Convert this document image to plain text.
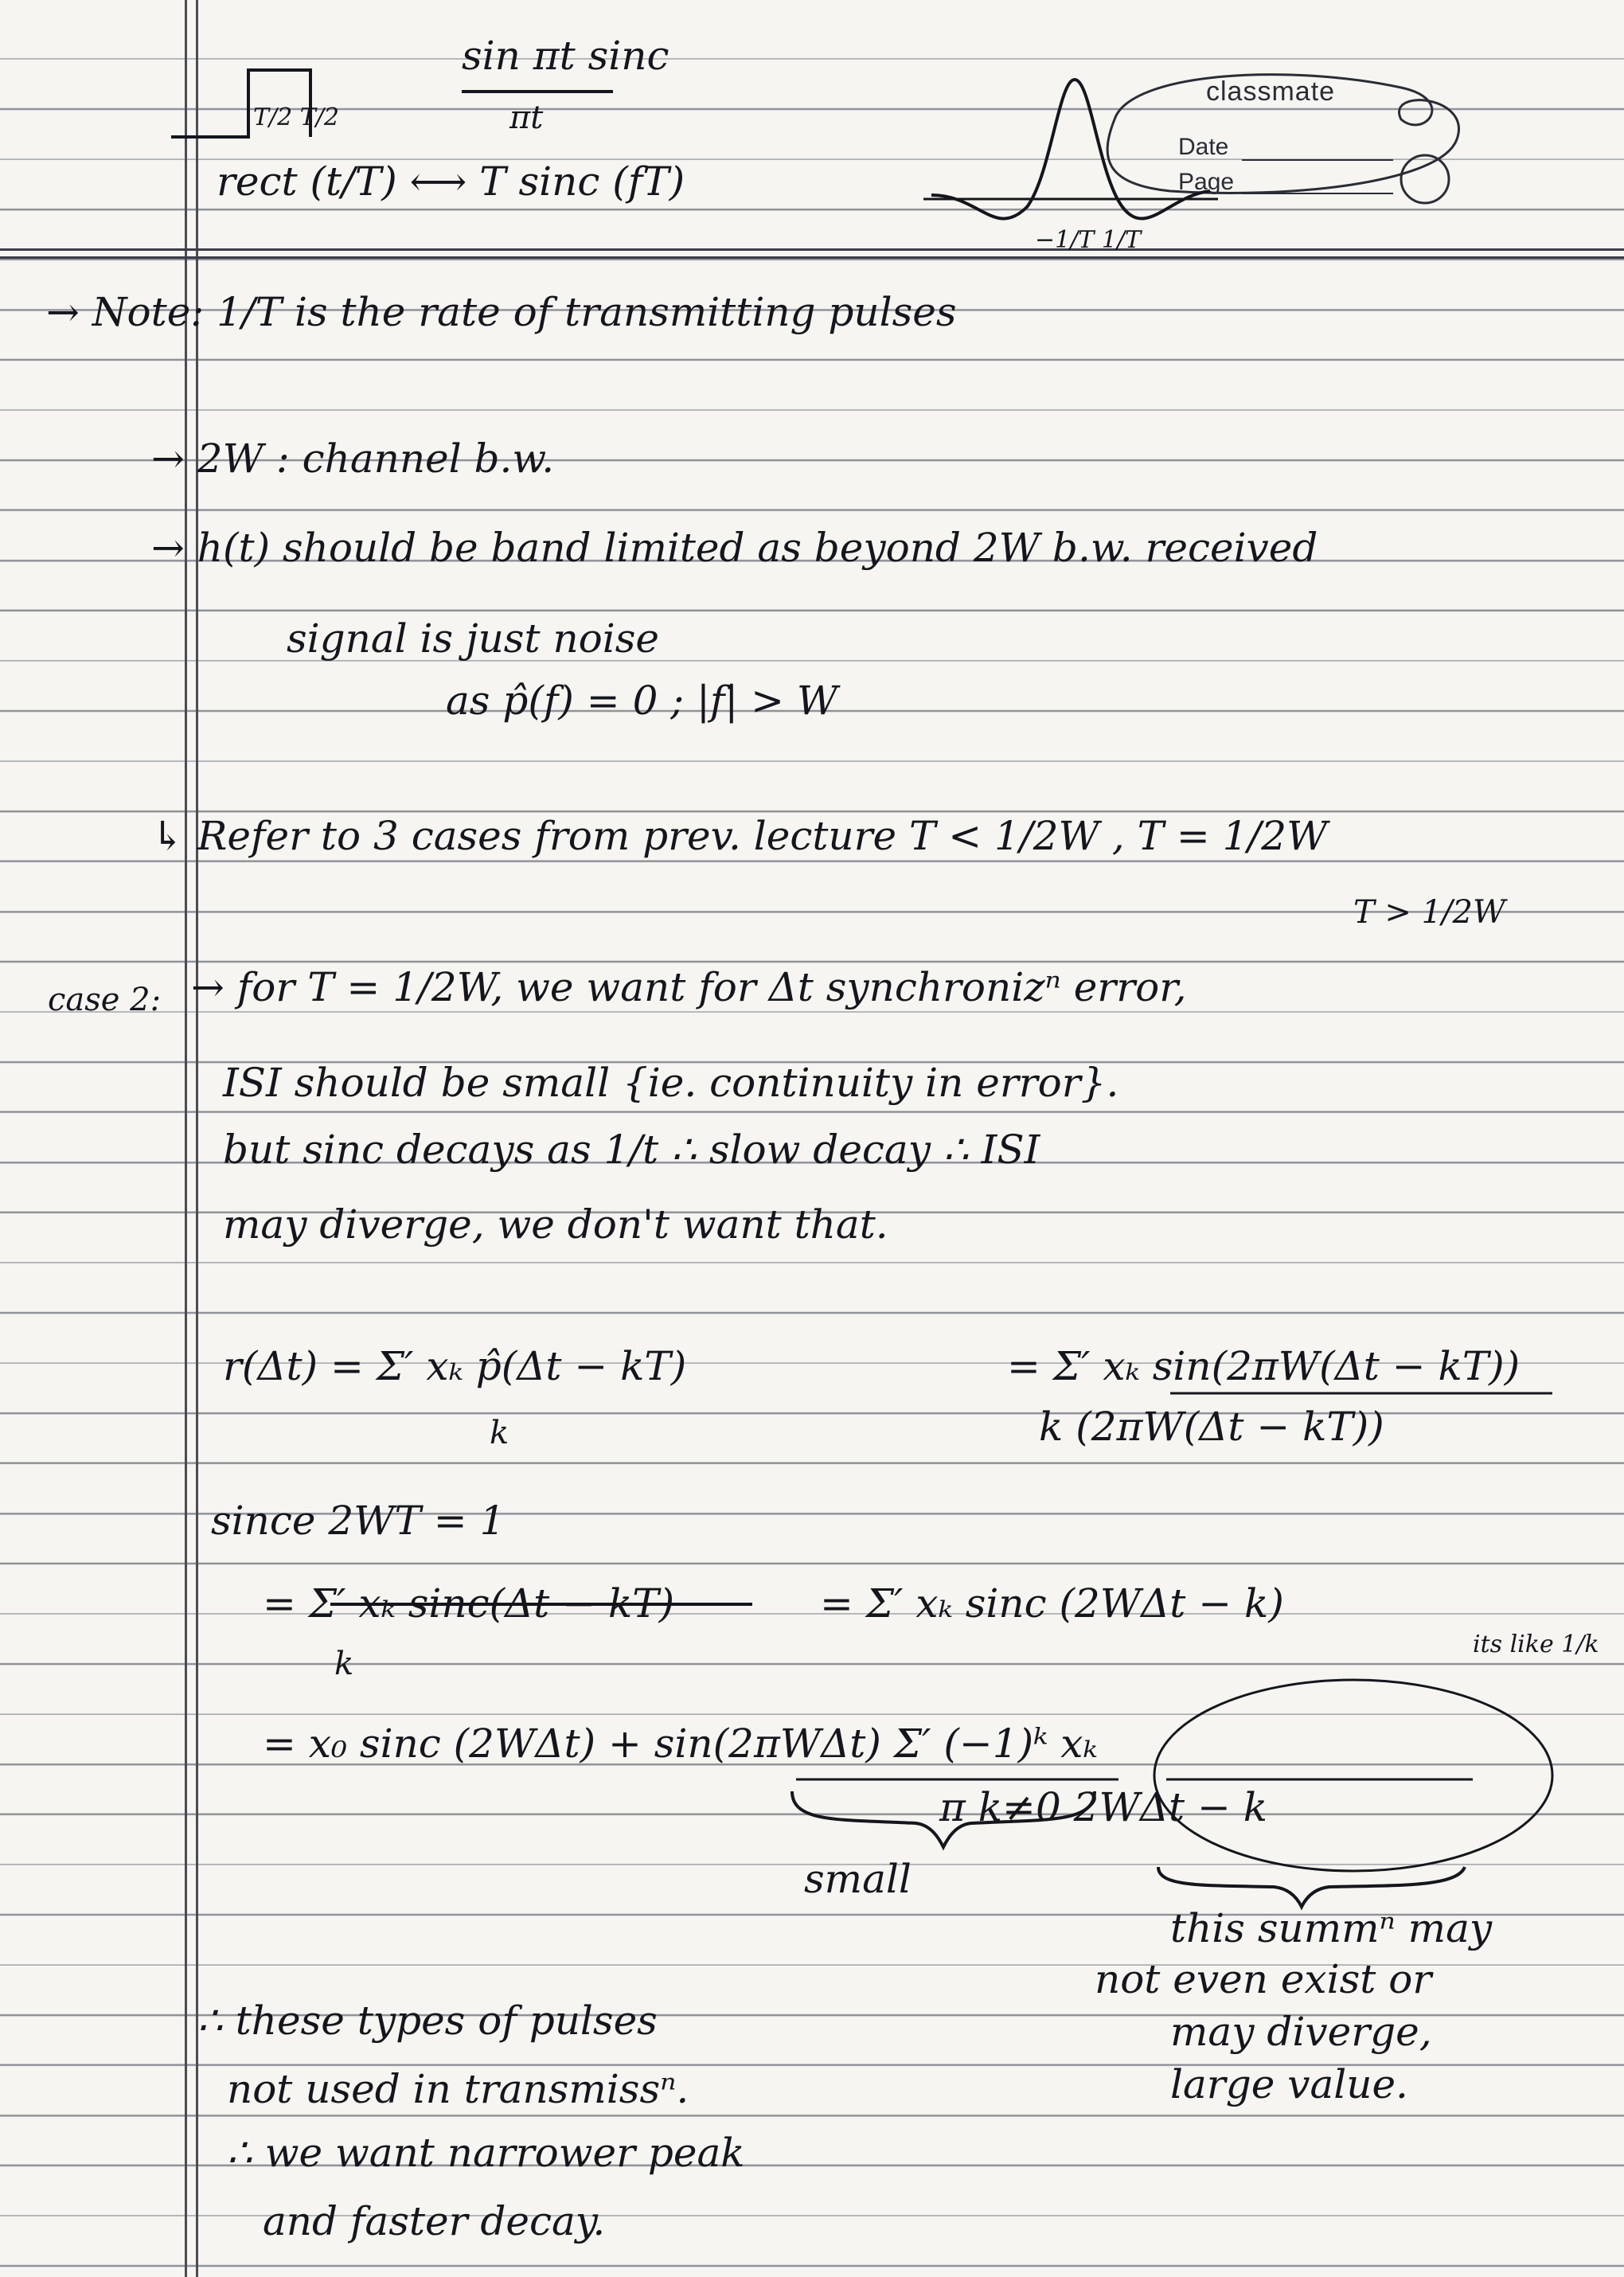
classmate
Date
Page
sin πt sinc
πt
T/2 T/2
rect (t/T) ⟷ T sinc (fT)
−1/T 1/T
→ Note: 1/T is the rate of transmitting pulses
→ 2W : channel b.w.
→ h(t) should be band limited as beyond 2W b.w. received
signal is just noise
as p̂(f) = 0 ; |f| > W
↳ Refer to 3 cases from prev. lecture T < 1/2W , T = 1/2W
T > 1/2W
case 2: → for T = 1/2W, we want for Δt synchronizⁿ error,
ISI should be small {ie. continuity in error}.
but sinc decays as 1/t ∴ slow decay ∴ ISI
may diverge, we don't want that.
r(Δt) = Σ′ xₖ p̂(Δt − kT)
k
= Σ′ xₖ sin(2πW(Δt − kT))
k (2πW(Δt − kT))
since 2WT = 1
= Σ′ xₖ sinc(Δt − kT)	= Σ′ xₖ sinc (2WΔt − k)
k
its like 1/k
= x₀ sinc (2WΔt) + sin(2πWΔt) Σ′ (−1)ᵏ xₖ
π k≠0 2WΔt − k
small
this summⁿ may
not even exist or
may diverge,
large value.
∴ these types of pulses
not used in transmissⁿ.
∴ we want narrower peak
and faster decay.
